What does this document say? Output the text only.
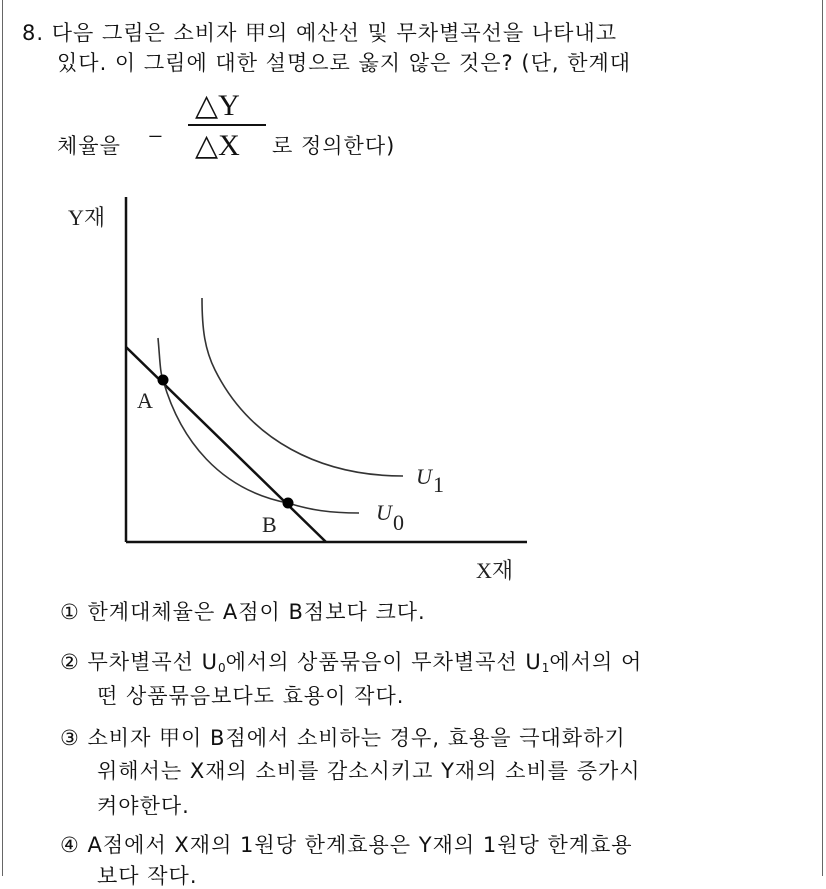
8. 다음 그림은 소비자 甲의 예산선 및 무차별곡선을 나타내고
있다. 이 그림에 대한 설명으로 옳지 않은 것은? (단, 한계대
체율을 −
△Y
△X 로 정의한다)
Y재
X재
A
B
U 1
U 0
① 한계대체율은 A점이 B점보다 크다.
② 무차별곡선 $U_0$에서의 상품묶음이 무차별곡선 $U_1$에서의 어
떤 상품묶음보다도 효용이 작다.
③ 소비자 甲이 B점에서 소비하는 경우, 효용을 극대화하기
위해서는 X재의 소비를 감소시키고 Y재의 소비를 증가시
켜야한다.
④ A점에서 X재의 1원당 한계효용은 Y재의 1원당 한계효용
보다 작다.
